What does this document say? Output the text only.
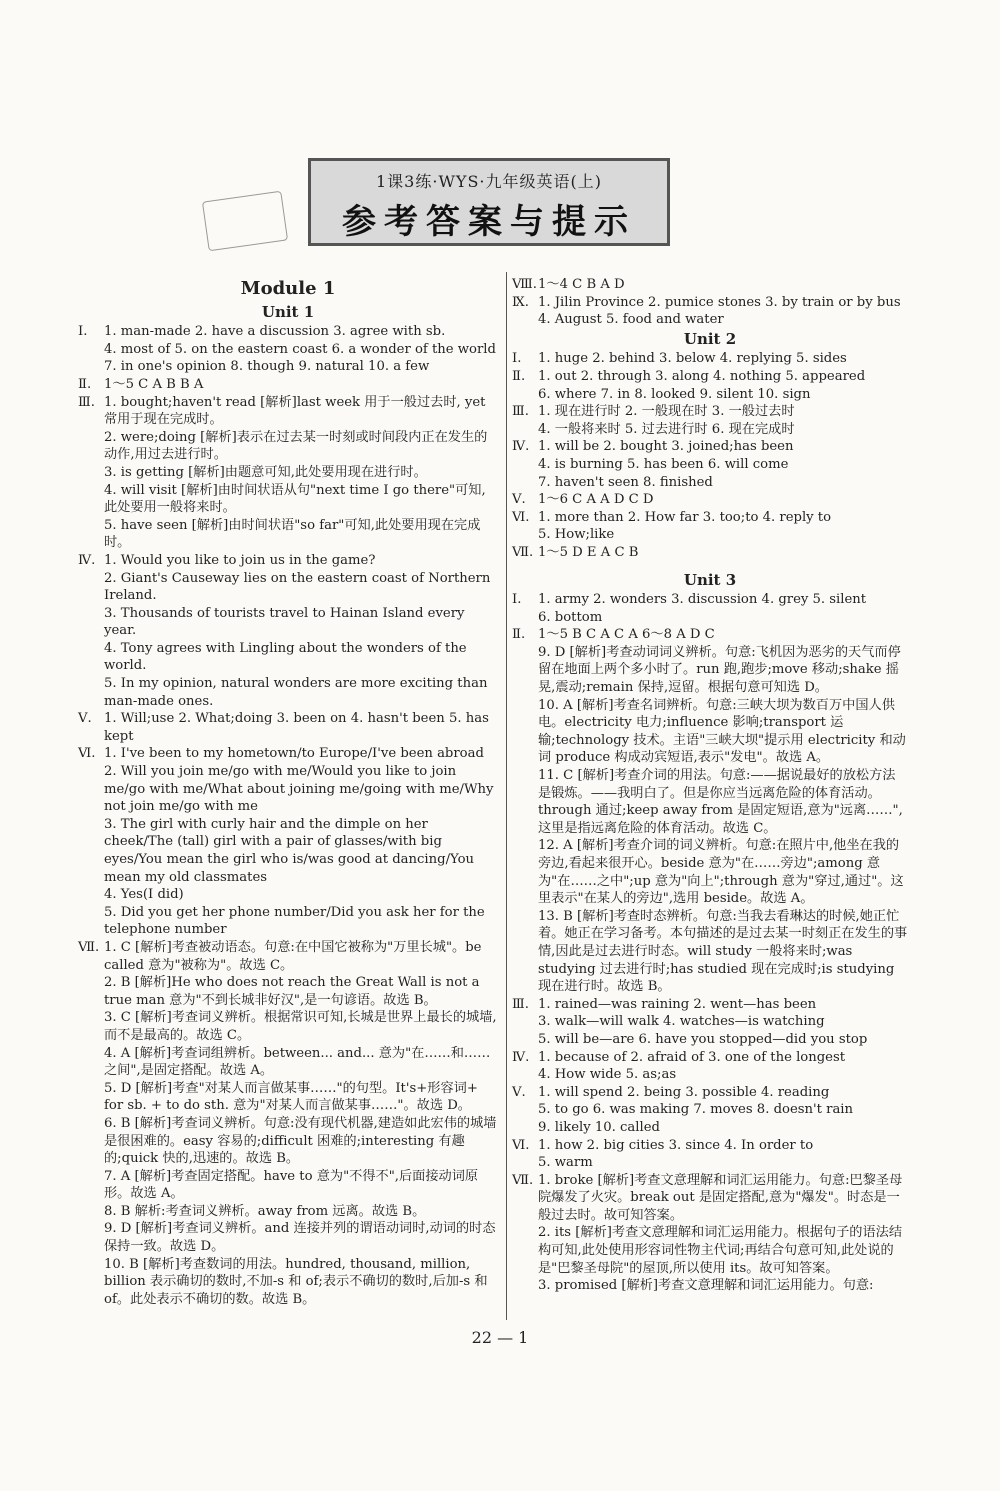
1课3练·WYS·九年级英语(上)
参考答案与提示
Module 1
Unit 1
Ⅰ.	1. man-made 2. have a discussion 3. agree with sb.
4. most of 5. on the eastern coast 6. a wonder of the world
7. in one's opinion 8. though 9. natural 10. a few
Ⅱ. 1～5 C A B B A
Ⅲ. 1. bought;haven't read [解析]last week 用于一般过去时, yet 常用于现在完成时。
2. were;doing [解析]表示在过去某一时刻或时间段内正在发生的动作,用过去进行时。
3. is getting [解析]由题意可知,此处要用现在进行时。
4. will visit [解析]由时间状语从句"next time I go there"可知,此处要用一般将来时。
5. have seen [解析]由时间状语"so far"可知,此处要用现在完成时。
Ⅳ. 1. Would you like to join us in the game?
2. Giant's Causeway lies on the eastern coast of Northern Ireland.
3. Thousands of tourists travel to Hainan Island every year.
4. Tony agrees with Lingling about the wonders of the world.
5. In my opinion, natural wonders are more exciting than man-made ones.
Ⅴ. 1. Will;use 2. What;doing 3. been on 4. hasn't been 5. has kept
Ⅵ. 1. I've been to my hometown/to Europe/I've been abroad
2. Will you join me/go with me/Would you like to join me/go with me/What about joining me/going with me/Why not join me/go with me
3. The girl with curly hair and the dimple on her cheek/The (tall) girl with a pair of glasses/with big eyes/You mean the girl who is/was good at dancing/You mean my old classmates
4. Yes(I did)
5. Did you get her phone number/Did you ask her for the telephone number
Ⅶ. 1. C [解析]考查被动语态。句意:在中国它被称为"万里长城"。be called 意为"被称为"。故选 C。
2. B [解析]He who does not reach the Great Wall is not a true man 意为"不到长城非好汉",是一句谚语。故选 B。
3. C [解析]考查词义辨析。根据常识可知,长城是世界上最长的城墙,而不是最高的。故选 C。
4. A [解析]考查词组辨析。between... and... 意为"在……和……之间",是固定搭配。故选 A。
5. D [解析]考查"对某人而言做某事……"的句型。It's+形容词+ for sb. + to do sth. 意为"对某人而言做某事……"。故选 D。
6. B [解析]考查词义辨析。句意:没有现代机器,建造如此宏伟的城墙是很困难的。easy 容易的;difficult 困难的;interesting 有趣的;quick 快的,迅速的。故选 B。
7. A [解析]考查固定搭配。have to 意为"不得不",后面接动词原形。故选 A。
8. B 解析:考查词义辨析。away from 远离。故选 B。
9. D [解析]考查词义辨析。and 连接并列的谓语动词时,动词的时态保持一致。故选 D。
10. B [解析]考查数词的用法。hundred, thousand, million, billion 表示确切的数时,不加-s 和 of;表示不确切的数时,后加-s 和 of。此处表示不确切的数。故选 B。
Ⅷ. 1～4 C B A D
Ⅸ. 1. Jilin Province 2. pumice stones 3. by train or by bus
4. August 5. food and water
Unit 2
Ⅰ.	1. huge 2. behind 3. below 4. replying 5. sides
Ⅱ. 1. out 2. through 3. along 4. nothing 5. appeared
6. where 7. in 8. looked 9. silent 10. sign
Ⅲ. 1. 现在进行时 2. 一般现在时 3. 一般过去时
4. 一般将来时 5. 过去进行时 6. 现在完成时
Ⅳ. 1. will be 2. bought 3. joined;has been
4. is burning 5. has been 6. will come
7. haven't seen 8. finished
Ⅴ. 1～6 C A A D C D
Ⅵ. 1. more than 2. How far 3. too;to 4. reply to
5. How;like
Ⅶ. 1～5 D E A C B
Unit 3
Ⅰ.	1. army 2. wonders 3. discussion 4. grey 5. silent
6. bottom
Ⅱ. 1～5 B C A C A 6～8 A D C
9. D [解析]考查动词词义辨析。句意:飞机因为恶劣的天气而停留在地面上两个多小时了。run 跑,跑步;move 移动;shake 摇晃,震动;remain 保持,逗留。根据句意可知选 D。
10. A [解析]考查名词辨析。句意:三峡大坝为数百万中国人供电。electricity 电力;influence 影响;transport 运输;technology 技术。主语"三峡大坝"提示用 electricity 和动词 produce 构成动宾短语,表示"发电"。故选 A。
11. C [解析]考查介词的用法。句意:——据说最好的放松方法是锻炼。——我明白了。但是你应当远离危险的体育活动。through 通过;keep away from 是固定短语,意为"远离……",这里是指远离危险的体育活动。故选 C。
12. A [解析]考查介词的词义辨析。句意:在照片中,他坐在我的旁边,看起来很开心。beside 意为"在……旁边";among 意为"在……之中";up 意为"向上";through 意为"穿过,通过"。这里表示"在某人的旁边",选用 beside。故选 A。
13. B [解析]考查时态辨析。句意:当我去看琳达的时候,她正忙着。她正在学习备考。本句描述的是过去某一时刻正在发生的事情,因此是过去进行时态。will study 一般将来时;was studying 过去进行时;has studied 现在完成时;is studying 现在进行时。故选 B。
Ⅲ. 1. rained—was raining 2. went—has been
3. walk—will walk 4. watches—is watching
5. will be—are 6. have you stopped—did you stop
Ⅳ. 1. because of 2. afraid of 3. one of the longest
4. How wide 5. as;as
Ⅴ. 1. will spend 2. being 3. possible 4. reading
5. to go 6. was making 7. moves 8. doesn't rain
9. likely 10. called
Ⅵ. 1. how 2. big cities 3. since 4. In order to
5. warm
Ⅶ. 1. broke [解析]考查文意理解和词汇运用能力。句意:巴黎圣母院爆发了火灾。break out 是固定搭配,意为"爆发"。时态是一般过去时。故可知答案。
2. its [解析]考查文意理解和词汇运用能力。根据句子的语法结构可知,此处使用形容词性物主代词;再结合句意可知,此处说的是"巴黎圣母院"的屋顶,所以使用 its。故可知答案。
3. promised [解析]考查文意理解和词汇运用能力。句意:
22 — 1
